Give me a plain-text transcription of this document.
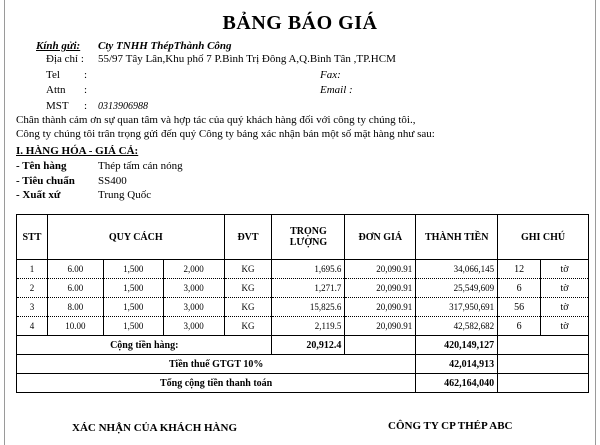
BẢNG BÁO GIÁ
Kính gửi: Cty TNHH ThépThành Công
Địa chỉ : 55/97 Tây Lân,Khu phố 7 P.Bình Trị Đông A,Q.Bình Tân ,TP.HCM
Tel :	Fax:
Attn :	Email :
MST : 0313906988
Chân thành cảm ơn sự quan tâm và hợp tác của quý khách hàng đối với công ty chúng tôi.,
Công ty chúng tôi trân trọng gửi đến quý Công ty bảng xác nhận bán một số mặt hàng như sau:
I. HÀNG HÓA - GIÁ CẢ:
- Tên hàng	Thép tấm cán nóng
- Tiêu chuẩn SS400
- Xuất xứ	Trung Quốc
STT	QUY CÁCH			ĐVT	TRỌNG LƯỢNG	ĐƠN GIÁ	THÀNH TIỀN	GHI CHÚ	
1	6.00	1,500	2,000	KG	1,695.6	20,090.91	34,066,145	12	tờ
2	6.00	1,500	3,000	KG	1,271.7	20,090.91	25,549,609	6	tờ
3	8.00	1,500	3,000	KG	15,825.6	20,090.91	317,950,691	56	tờ
4	10.00	1,500	3,000	KG	2,119.5	20,090.91	42,582,682	6	tờ
Cộng tiền hàng:					20,912.4		420,149,127		
Tiền thuế GTGT 10%							42,014,913		
Tổng cộng tiền thanh toán							462,164,040		
XÁC NHẬN CỦA KHÁCH HÀNG	CÔNG TY CP THÉP ABC
